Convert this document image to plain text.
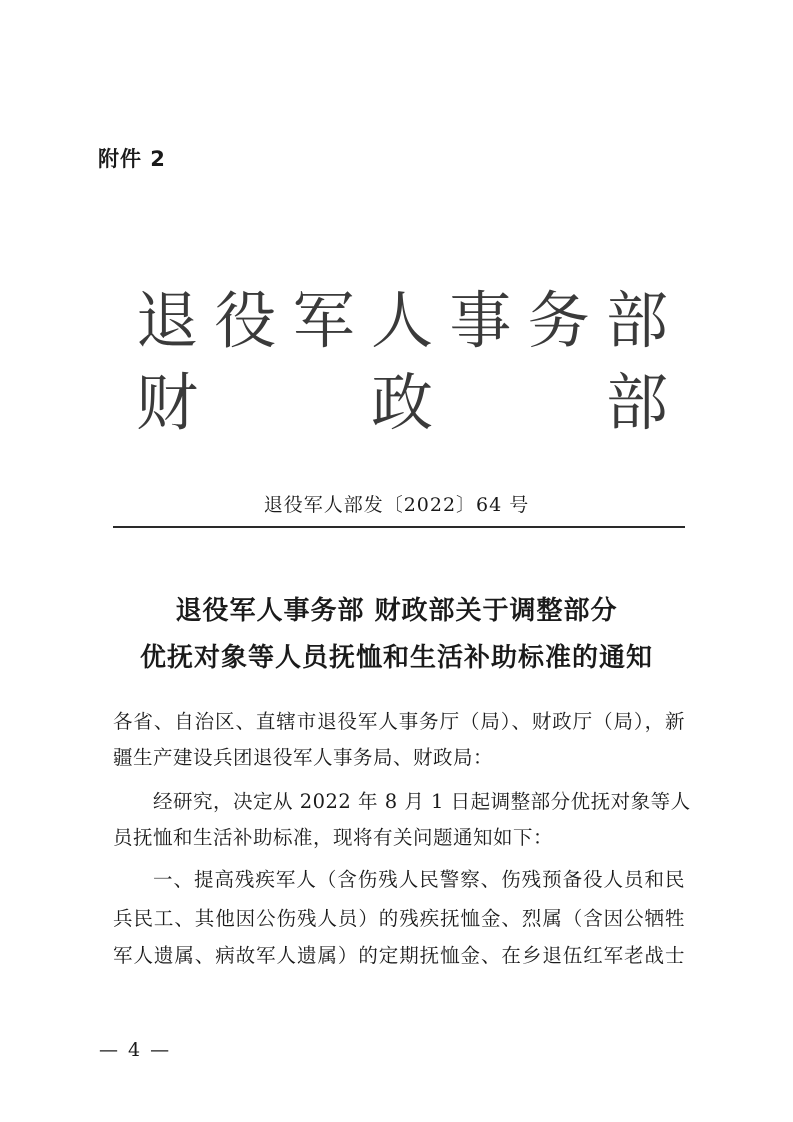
附件 2
退 役 军 人 事 务 部
财	政	部
退役军人部发〔2022〕64 号
退役军人事务部 财政部关于调整部分
优抚对象等人员抚恤和生活补助标准的通知
各省、自治区、直辖市退役军人事务厅（局）、财政厅（局），新
疆生产建设兵团退役军人事务局、财政局：
经研究，决定从 2022 年 8 月 1 日起调整部分优抚对象等人
员抚恤和生活补助标准，现将有关问题通知如下：
一、提高残疾军人（含伤残人民警察、伤残预备役人员和民
兵民工、其他因公伤残人员）的残疾抚恤金、烈属（含因公牺牲
军人遗属、病故军人遗属）的定期抚恤金、在乡退伍红军老战士
— 4 —
